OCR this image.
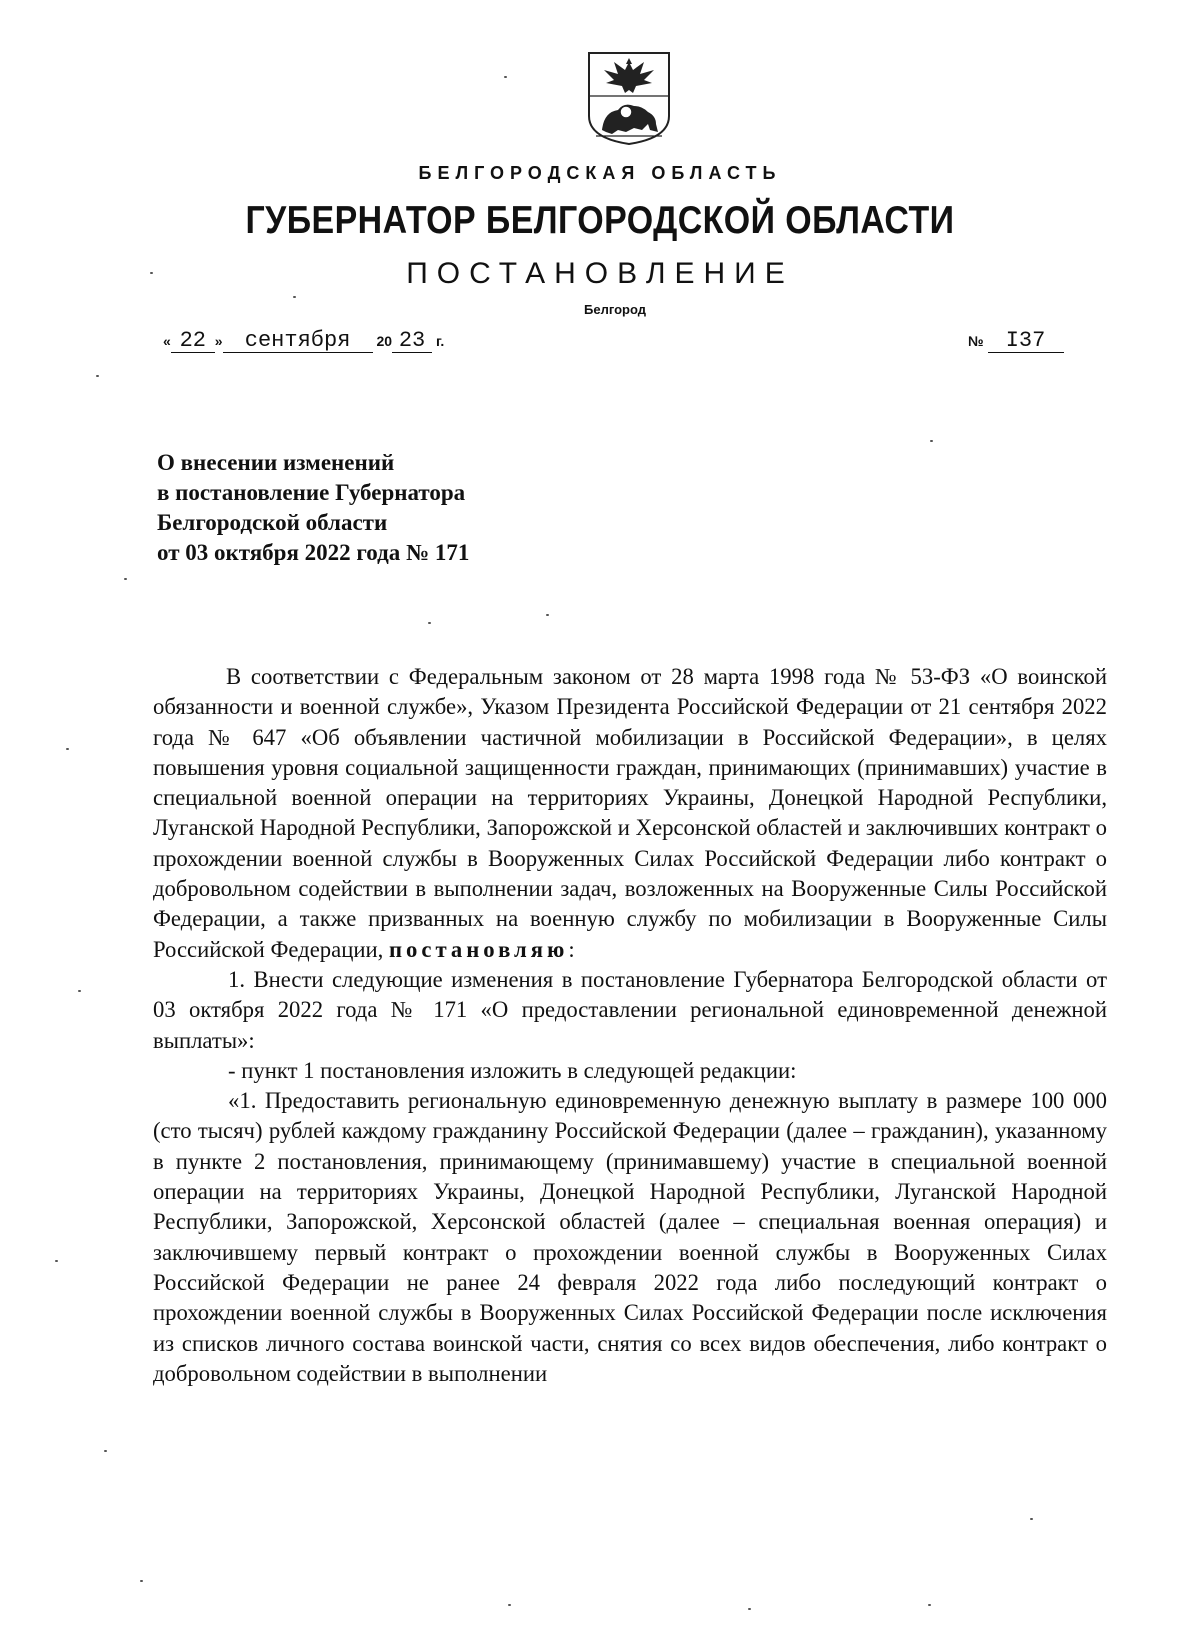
БЕЛГОРОДСКАЯ ОБЛАСТЬ
ГУБЕРНАТОР БЕЛГОРОДСКОЙ ОБЛАСТИ
ПОСТАНОВЛЕНИЕ
Белгород
« 22 » сентября 20 23 г.	№ I37
О внесении изменений
в постановление Губернатора
Белгородской области
от 03 октября 2022 года № 171

В соответствии с Федеральным законом от 28 марта 1998 года № 53-ФЗ «О воинской обязанности и военной службе», Указом Президента Российской Федерации от 21 сентября 2022 года № 647 «Об объявлении частичной мобилизации в Российской Федерации», в целях повышения уровня социальной защищенности граждан, принимающих (принимавших) участие в специальной военной операции на территориях Украины, Донецкой Народной Республики, Луганской Народной Республики, Запорожской и Херсонской областей и заключивших контракт о прохождении военной службы в Вооруженных Силах Российской Федерации либо контракт о добровольном содействии в выполнении задач, возложенных на Вооруженные Силы Российской Федерации, а также призванных на военную службу по мобилизации в Вооруженные Силы Российской Федерации, постановляю:

1. Внести следующие изменения в постановление Губернатора Белгородской области от 03 октября 2022 года № 171 «О предоставлении региональной единовременной денежной выплаты»:

- пункт 1 постановления изложить в следующей редакции:

«1. Предоставить региональную единовременную денежную выплату в размере 100 000 (сто тысяч) рублей каждому гражданину Российской Федерации (далее – гражданин), указанному в пункте 2 постановления, принимающему (принимавшему) участие в специальной военной операции на территориях Украины, Донецкой Народной Республики, Луганской Народной Республики, Запорожской, Херсонской областей (далее – специальная военная операция) и заключившему первый контракт о прохождении военной службы в Вооруженных Силах Российской Федерации не ранее 24 февраля 2022 года либо последующий контракт о прохождении военной службы в Вооруженных Силах Российской Федерации после исключения из списков личного состава воинской части, снятия со всех видов обеспечения, либо контракт о добровольном содействии в выполнении
